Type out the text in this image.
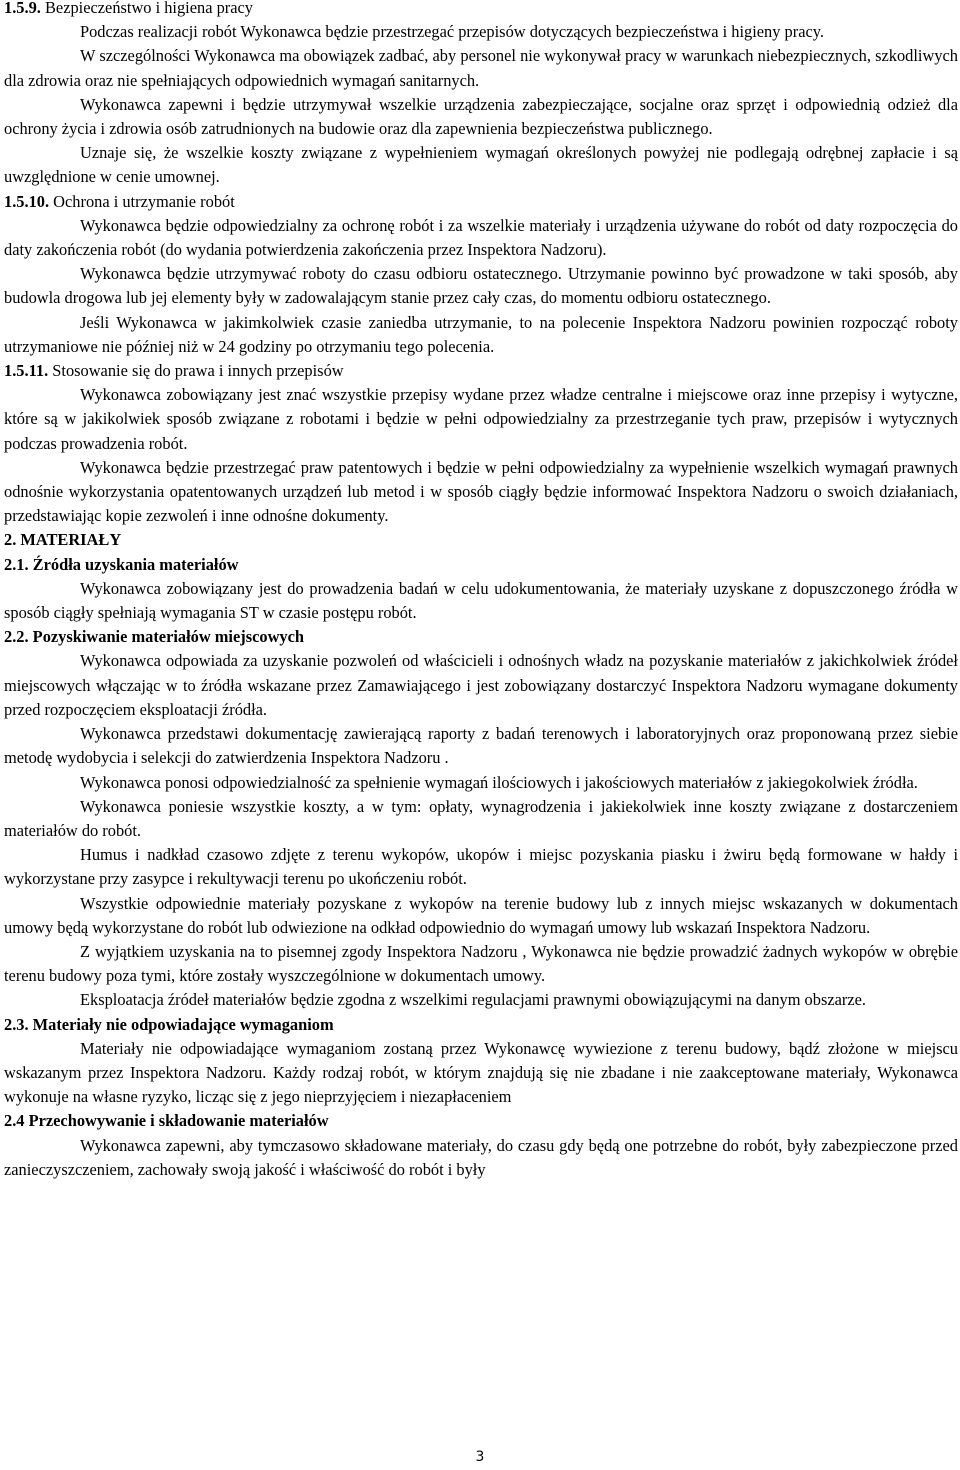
1.5.9. Bezpieczeństwo i higiena pracy

Podczas realizacji robót Wykonawca będzie przestrzegać przepisów dotyczących bezpieczeństwa i higieny pracy.

W szczególności Wykonawca ma obowiązek zadbać, aby personel nie wykonywał pracy w warunkach niebezpiecznych, szkodliwych dla zdrowia oraz nie spełniających odpowiednich wymagań sanitarnych.

Wykonawca zapewni i będzie utrzymywał wszelkie urządzenia zabezpieczające, socjalne oraz sprzęt i odpowiednią odzież dla ochrony życia i zdrowia osób zatrudnionych na budowie oraz dla zapewnienia bezpieczeństwa publicznego.

Uznaje się, że wszelkie koszty związane z wypełnieniem wymagań określonych powyżej nie podlegają odrębnej zapłacie i są uwzględnione w cenie umownej.

1.5.10. Ochrona i utrzymanie robót

Wykonawca będzie odpowiedzialny za ochronę robót i za wszelkie materiały i urządzenia używane do robót od daty rozpoczęcia do daty zakończenia robót (do wydania potwierdzenia zakończenia przez Inspektora Nadzoru).

Wykonawca będzie utrzymywać roboty do czasu odbioru ostatecznego. Utrzymanie powinno być prowadzone w taki sposób, aby budowla drogowa lub jej elementy były w zadowalającym stanie przez cały czas, do momentu odbioru ostatecznego.

Jeśli Wykonawca w jakimkolwiek czasie zaniedba utrzymanie, to na polecenie Inspektora Nadzoru powinien rozpocząć roboty utrzymaniowe nie później niż w 24 godziny po otrzymaniu tego polecenia.

1.5.11. Stosowanie się do prawa i innych przepisów

Wykonawca zobowiązany jest znać wszystkie przepisy wydane przez władze centralne i miejscowe oraz inne przepisy i wytyczne, które są w jakikolwiek sposób związane z robotami i będzie w pełni odpowiedzialny za przestrzeganie tych praw, przepisów i wytycznych podczas prowadzenia robót.

Wykonawca będzie przestrzegać praw patentowych i będzie w pełni odpowiedzialny za wypełnienie wszelkich wymagań prawnych odnośnie wykorzystania opatentowanych urządzeń lub metod i w sposób ciągły będzie informować Inspektora Nadzoru o swoich działaniach, przedstawiając kopie zezwoleń i inne odnośne dokumenty.

2. MATERIAŁY
2.1. Źródła uzyskania materiałów

Wykonawca zobowiązany jest do prowadzenia badań w celu udokumentowania, że materiały uzyskane z dopuszczonego źródła w sposób ciągły spełniają wymagania ST w czasie postępu robót.

2.2. Pozyskiwanie materiałów miejscowych

Wykonawca odpowiada za uzyskanie pozwoleń od właścicieli i odnośnych władz na pozyskanie materiałów z jakichkolwiek źródeł miejscowych włączając w to źródła wskazane przez Zamawiającego i jest zobowiązany dostarczyć Inspektora Nadzoru wymagane dokumenty przed rozpoczęciem eksploatacji źródła.

Wykonawca przedstawi dokumentację zawierającą raporty z badań terenowych i laboratoryjnych oraz proponowaną przez siebie metodę wydobycia i selekcji do zatwierdzenia Inspektora Nadzoru .

Wykonawca ponosi odpowiedzialność za spełnienie wymagań ilościowych i jakościowych materiałów z jakiegokolwiek źródła.

Wykonawca poniesie wszystkie koszty, a w tym: opłaty, wynagrodzenia i jakiekolwiek inne koszty związane z dostarczeniem materiałów do robót.

Humus i nadkład czasowo zdjęte z terenu wykopów, ukopów i miejsc pozyskania piasku i żwiru będą formowane w hałdy i wykorzystane przy zasypce i rekultywacji terenu po ukończeniu robót.

Wszystkie odpowiednie materiały pozyskane z wykopów na terenie budowy lub z innych miejsc wskazanych w dokumentach umowy będą wykorzystane do robót lub odwiezione na odkład odpowiednio do wymagań umowy lub wskazań Inspektora Nadzoru.

Z wyjątkiem uzyskania na to pisemnej zgody Inspektora Nadzoru , Wykonawca nie będzie prowadzić żadnych wykopów w obrębie terenu budowy poza tymi, które zostały wyszczególnione w dokumentach umowy.

Eksploatacja źródeł materiałów będzie zgodna z wszelkimi regulacjami prawnymi obowiązującymi na danym obszarze.

2.3. Materiały nie odpowiadające wymaganiom

Materiały nie odpowiadające wymaganiom zostaną przez Wykonawcę wywiezione z terenu budowy, bądź złożone w miejscu wskazanym przez Inspektora Nadzoru. Każdy rodzaj robót, w którym znajdują się nie zbadane i nie zaakceptowane materiały, Wykonawca wykonuje na własne ryzyko, licząc się z jego nieprzyjęciem i niezapłaceniem

2.4 Przechowywanie i składowanie materiałów

Wykonawca zapewni, aby tymczasowo składowane materiały, do czasu gdy będą one potrzebne do robót, były zabezpieczone przed zanieczyszczeniem, zachowały swoją jakość i właściwość do robót i były

3
